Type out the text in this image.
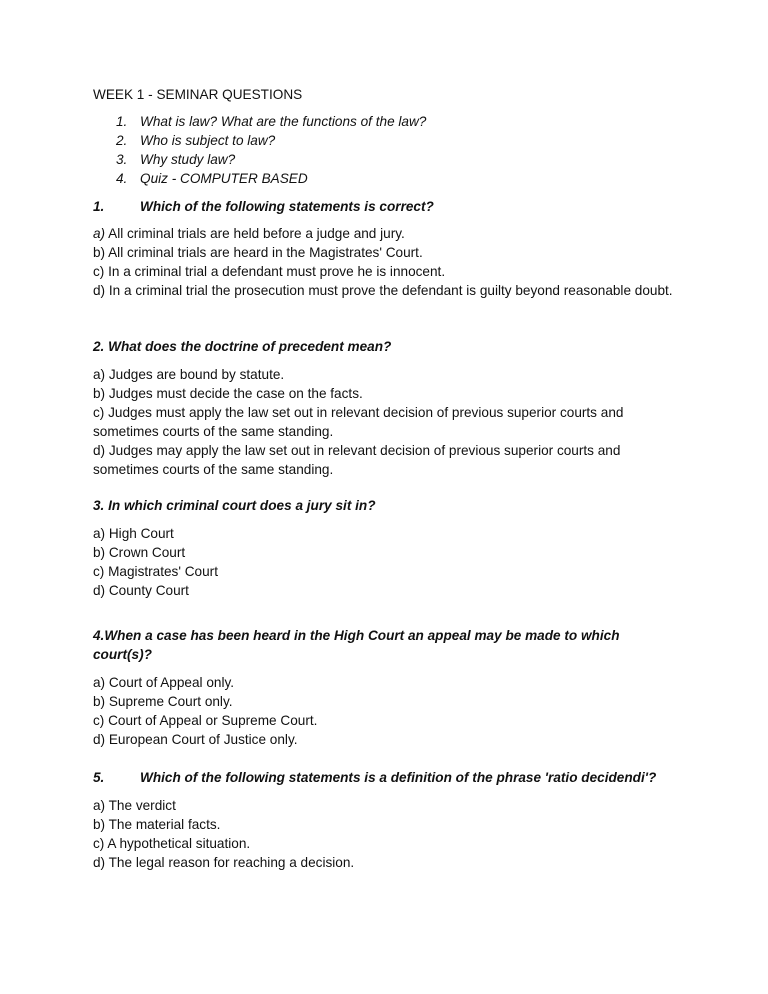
WEEK 1 - SEMINAR QUESTIONS
1. What is law? What are the functions of the law?
2. Who is subject to law?
3. Why study law?
4. Quiz - COMPUTER BASED
1.	Which of the following statements is correct?
a) All criminal trials are held before a judge and jury.
b) All criminal trials are heard in the Magistrates' Court.
c) In a criminal trial a defendant must prove he is innocent.
d) In a criminal trial the prosecution must prove the defendant is guilty beyond reasonable doubt.
2. What does the doctrine of precedent mean?
a) Judges are bound by statute.
b) Judges must decide the case on the facts.
c) Judges must apply the law set out in relevant decision of previous superior courts and sometimes courts of the same standing.
d) Judges may apply the law set out in relevant decision of previous superior courts and sometimes courts of the same standing.
3. In which criminal court does a jury sit in?
a) High Court
b) Crown Court
c) Magistrates' Court
d) County Court
4.When a case has been heard in the High Court an appeal may be made to which court(s)?
a) Court of Appeal only.
b) Supreme Court only.
c) Court of Appeal or Supreme Court.
d) European Court of Justice only.
5.	Which of the following statements is a definition of the phrase 'ratio decidendi'?
a) The verdict
b) The material facts.
c) A hypothetical situation.
d) The legal reason for reaching a decision.
